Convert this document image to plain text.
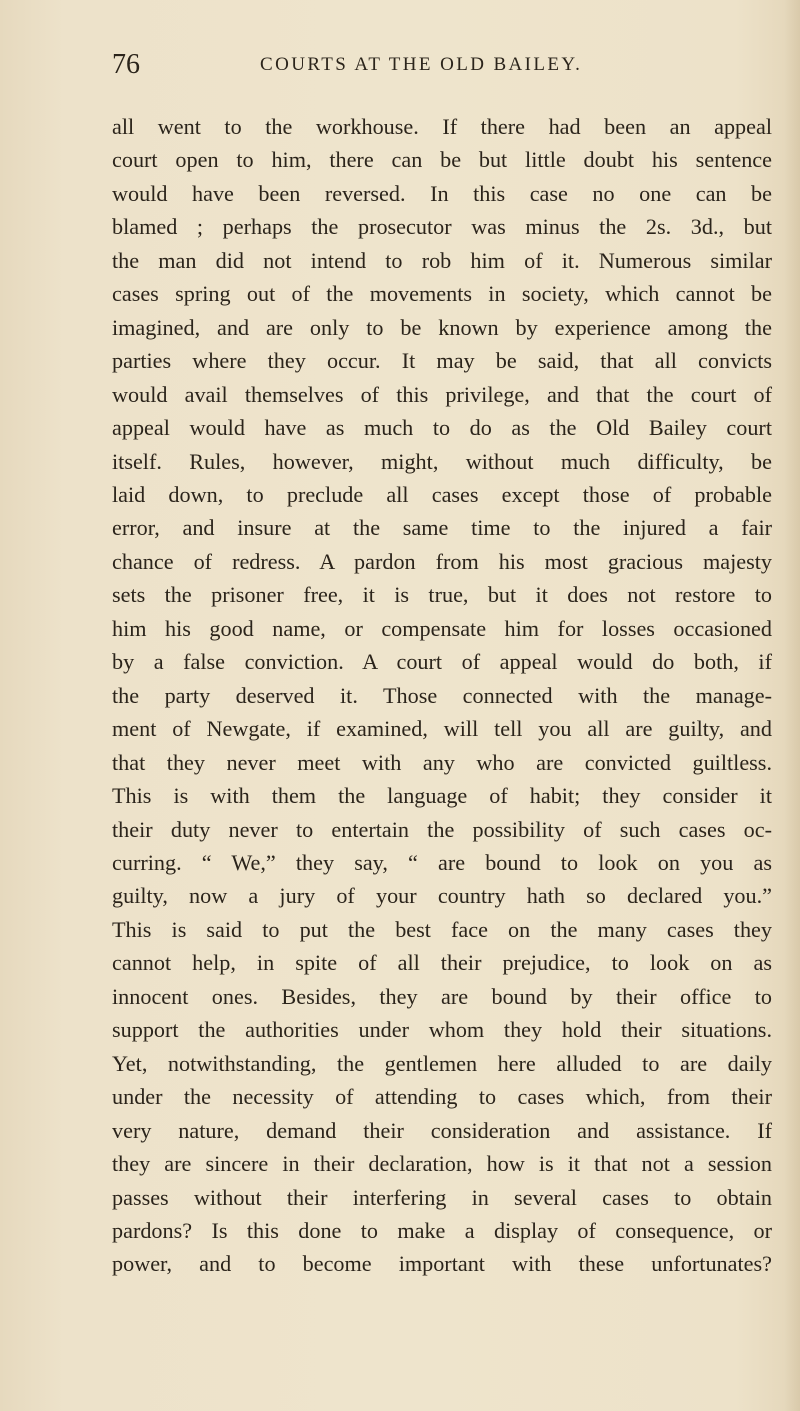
76	COURTS AT THE OLD BAILEY.
all went to the workhouse. If there had been an appeal
court open to him, there can be but little doubt his sentence
would have been reversed. In this case no one can be
blamed ; perhaps the prosecutor was minus the 2s. 3d., but
the man did not intend to rob him of it. Numerous similar
cases spring out of the movements in society, which cannot be
imagined, and are only to be known by experience among the
parties where they occur. It may be said, that all convicts
would avail themselves of this privilege, and that the court of
appeal would have as much to do as the Old Bailey court
itself. Rules, however, might, without much difficulty, be
laid down, to preclude all cases except those of probable
error, and insure at the same time to the injured a fair
chance of redress. A pardon from his most gracious majesty
sets the prisoner free, it is true, but it does not restore to
him his good name, or compensate him for losses occasioned
by a false conviction. A court of appeal would do both, if
the party deserved it. Those connected with the manage-
ment of Newgate, if examined, will tell you all are guilty, and
that they never meet with any who are convicted guiltless.
This is with them the language of habit; they consider it
their duty never to entertain the possibility of such cases oc-
curring. “ We,” they say, “ are bound to look on you as
guilty, now a jury of your country hath so declared you.”
This is said to put the best face on the many cases they
cannot help, in spite of all their prejudice, to look on as
innocent ones. Besides, they are bound by their office to
support the authorities under whom they hold their situations.
Yet, notwithstanding, the gentlemen here alluded to are daily
under the necessity of attending to cases which, from their
very nature, demand their consideration and assistance. If
they are sincere in their declaration, how is it that not a session
passes without their interfering in several cases to obtain
pardons? Is this done to make a display of consequence, or
power, and to become important with these unfortunates?
